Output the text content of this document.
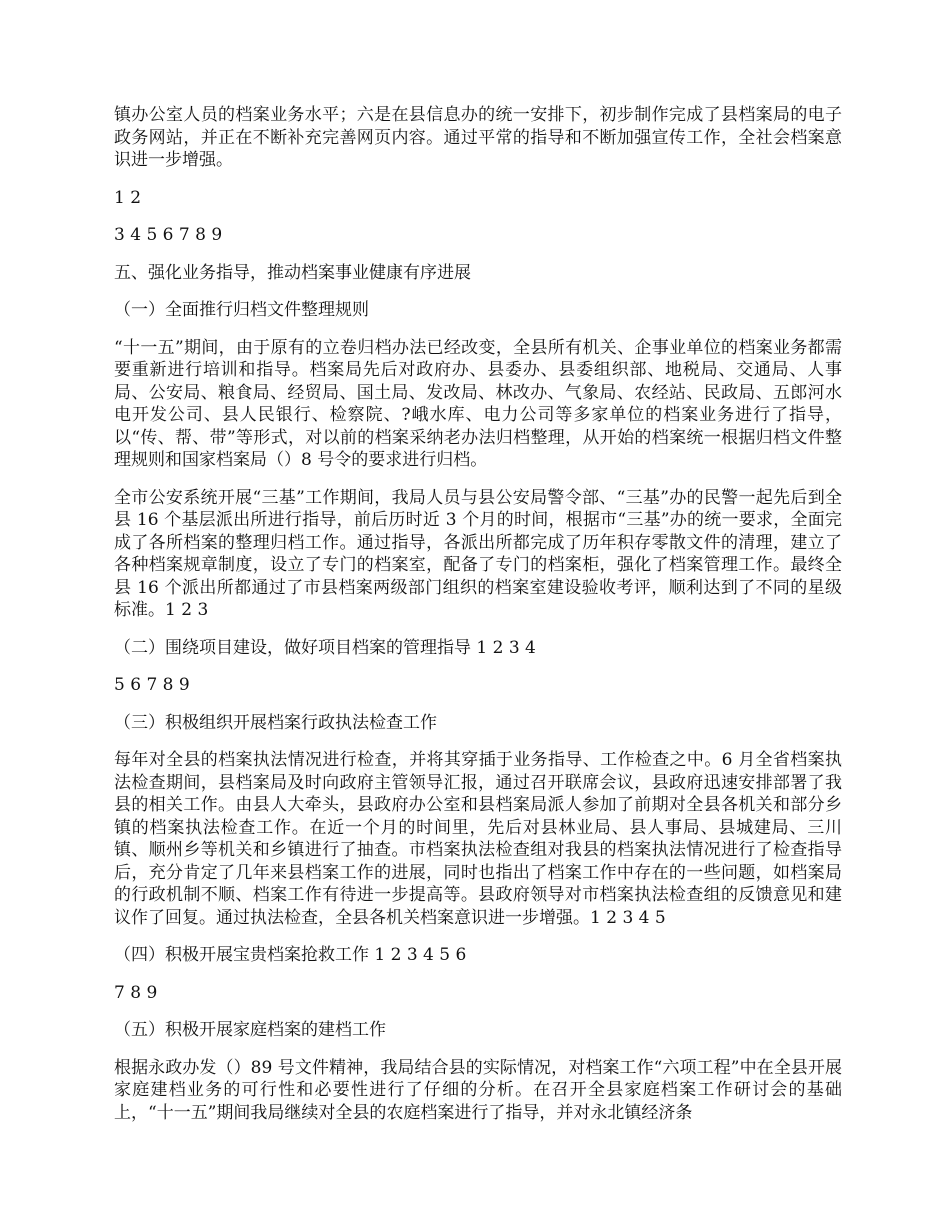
镇办公室人员的档案业务水平；六是在县信息办的统一安排下，初步制作完成了县档案局的电子政务网站，并正在不断补充完善网页内容。通过平常的指导和不断加强宣传工作，全社会档案意识进一步增强。

1 2

3 4 5 6 7 8 9

五、强化业务指导，推动档案事业健康有序进展

（一）全面推行归档文件整理规则

“十一五”期间，由于原有的立卷归档办法已经改变，全县所有机关、企事业单位的档案业务都需要重新进行培训和指导。档案局先后对政府办、县委办、县委组织部、地税局、交通局、人事局、公安局、粮食局、经贸局、国土局、发改局、林改办、气象局、农经站、民政局、五郎河水电开发公司、县人民银行、检察院、?峨水库、电力公司等多家单位的档案业务进行了指导，以“传、帮、带”等形式，对以前的档案采纳老办法归档整理，从开始的档案统一根据归档文件整理规则和国家档案局（）8 号令的要求进行归档。

全市公安系统开展“三基”工作期间，我局人员与县公安局警令部、“三基”办的民警一起先后到全县 16 个基层派出所进行指导，前后历时近 3 个月的时间，根据市“三基”办的统一要求，全面完成了各所档案的整理归档工作。通过指导，各派出所都完成了历年积存零散文件的清理，建立了各种档案规章制度，设立了专门的档案室，配备了专门的档案柜，强化了档案管理工作。最终全县 16 个派出所都通过了市县档案两级部门组织的档案室建设验收考评，顺利达到了不同的星级标准。1 2 3

（二）围绕项目建设，做好项目档案的管理指导 1 2 3 4

5 6 7 8 9

（三）积极组织开展档案行政执法检查工作

每年对全县的档案执法情况进行检查，并将其穿插于业务指导、工作检查之中。6 月全省档案执法检查期间，县档案局及时向政府主管领导汇报，通过召开联席会议，县政府迅速安排部署了我县的相关工作。由县人大牵头，县政府办公室和县档案局派人参加了前期对全县各机关和部分乡镇的档案执法检查工作。在近一个月的时间里，先后对县林业局、县人事局、县城建局、三川镇、顺州乡等机关和乡镇进行了抽查。市档案执法检查组对我县的档案执法情况进行了检查指导后，充分肯定了几年来县档案工作的进展，同时也指出了档案工作中存在的一些问题，如档案局的行政机制不顺、档案工作有待进一步提高等。县政府领导对市档案执法检查组的反馈意见和建议作了回复。通过执法检查，全县各机关档案意识进一步增强。1 2 3 4 5

（四）积极开展宝贵档案抢救工作 1 2 3 4 5 6

7 8 9

（五）积极开展家庭档案的建档工作

根据永政办发（）89 号文件精神，我局结合县的实际情况，对档案工作“六项工程”中在全县开展家庭建档业务的可行性和必要性进行了仔细的分析。在召开全县家庭档案工作研讨会的基础上，“十一五”期间我局继续对全县的农庭档案进行了指导，并对永北镇经济条
